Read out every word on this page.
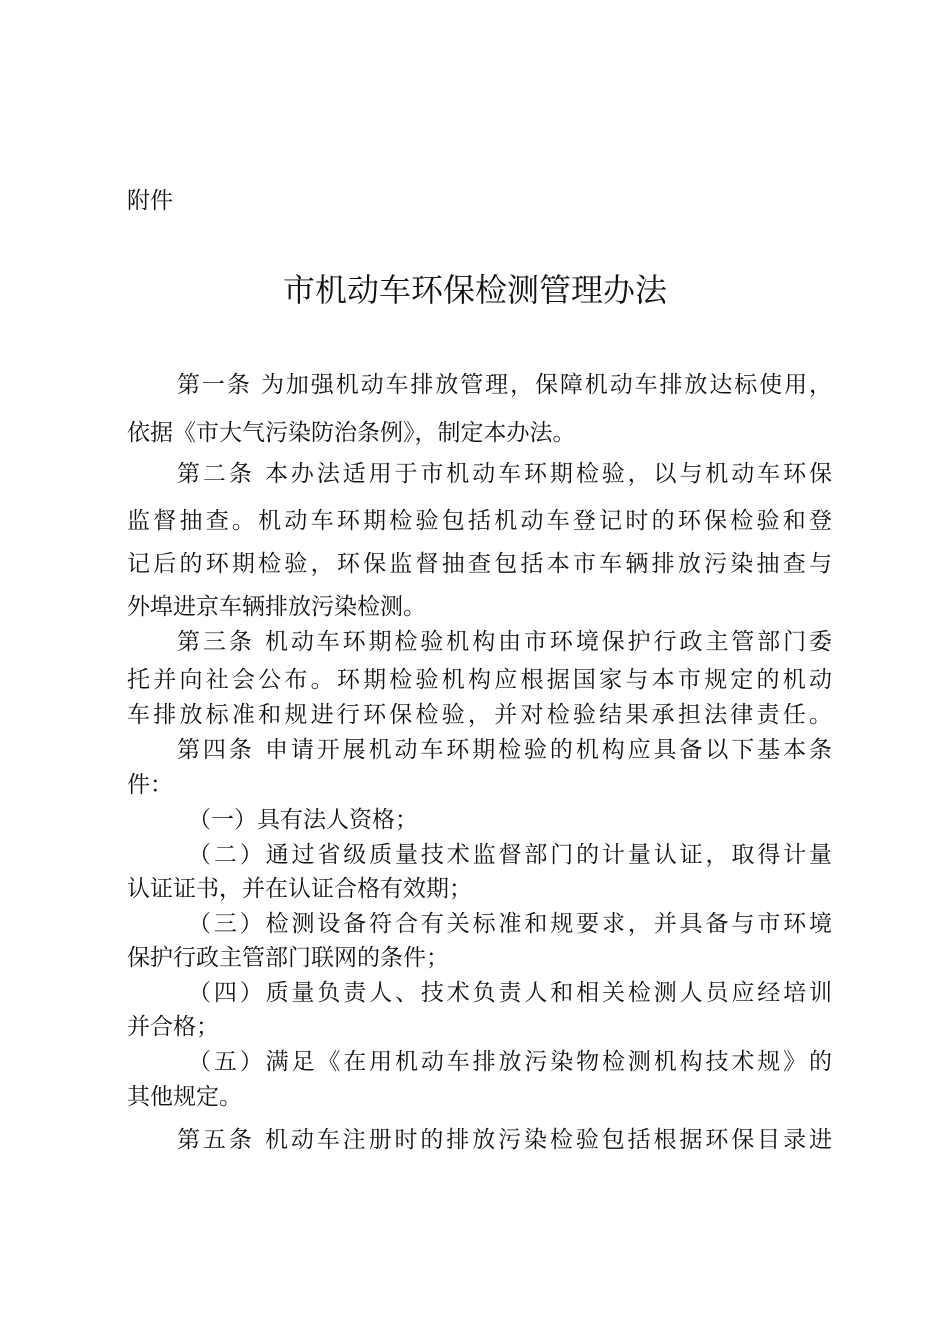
附件
市机动车环保检测管理办法
第一条 为加强机动车排放管理，保障机动车排放达标使用，
依据《市大气污染防治条例》，制定本办法。
第二条 本办法适用于市机动车环期检验，以与机动车环保
监督抽查。机动车环期检验包括机动车登记时的环保检验和登
记后的环期检验，环保监督抽查包括本市车辆排放污染抽查与
外埠进京车辆排放污染检测。
第三条 机动车环期检验机构由市环境保护行政主管部门委
托并向社会公布。环期检验机构应根据国家与本市规定的机动
车排放标准和规进行环保检验，并对检验结果承担法律责任。
第四条 申请开展机动车环期检验的机构应具备以下基本条
件：
（一）具有法人资格；
（二）通过省级质量技术监督部门的计量认证，取得计量
认证证书，并在认证合格有效期；
（三）检测设备符合有关标准和规要求，并具备与市环境
保护行政主管部门联网的条件；
（四）质量负责人、技术负责人和相关检测人员应经培训
并合格；
（五）满足《在用机动车排放污染物检测机构技术规》的
其他规定。
第五条 机动车注册时的排放污染检验包括根据环保目录进
